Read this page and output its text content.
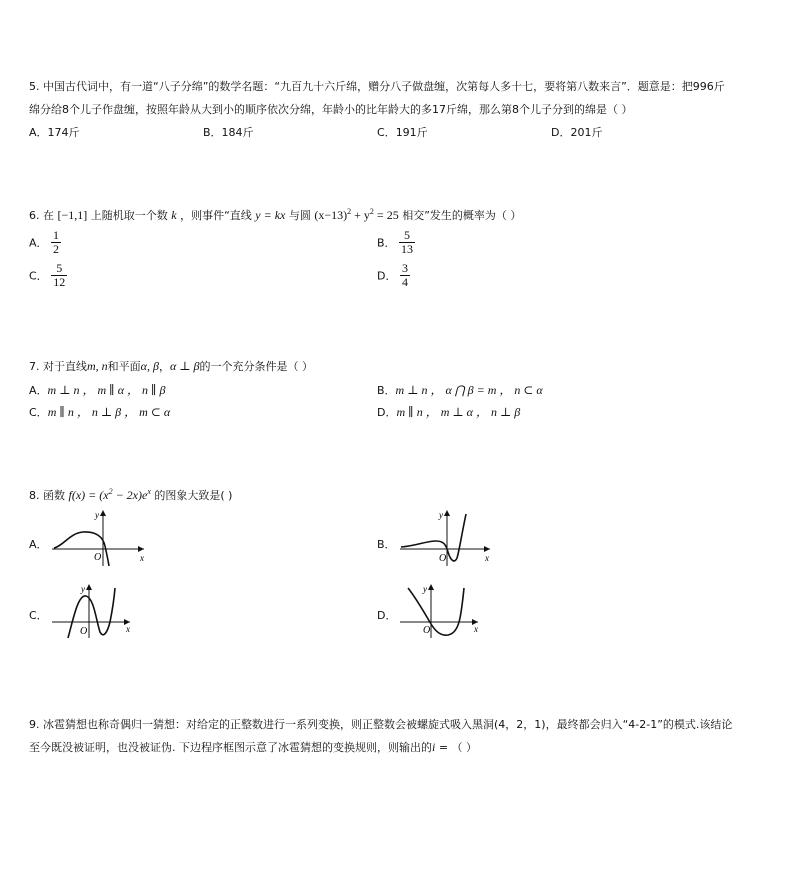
5. 中国古代词中，有一道“八子分绵”的数学名题：“九百九十六斤绵，赠分八子做盘缠，次第每人多十七，要将第八数来言”．题意是：把996斤
绵分给8个儿子作盘缠，按照年龄从大到小的顺序依次分绵，年龄小的比年龄大的多17斤绵，那么第8个儿子分到的绵是（ ）
A．174斤	B．184斤	C．191斤	D．201斤
6. 在 [−1,1] 上随机取一个数 k ，则事件“直线 y = kx 与圆 $(x-13)^2 + y^2 = 25$ 相交”发生的概率为（ ）
A． $\frac{1}{2}$	B． $\frac{5}{13}$
C． $\frac{5}{12}$	D． $\frac{3}{4}$
7. 对于直线m, n和平面α, β，α ⊥ β的一个充分条件是（ ）
A．m ⊥ n ， m ∥ α ， n ∥ β	B．m ⊥ n ， α ⋂ β = m ， n ⊂ α
C．m ∥ n ， n ⊥ β ， m ⊂ α	D．m ∥ n ， m ⊥ α ， n ⊥ β
8. 函数 $f(x) = (x^2 - 2x)e^x$ 的图象大致是( )
A．
x
y
O
B．
x
y
O
C．
x
y
O
D．
x
y
O
9. 冰雹猜想也称奇偶归一猜想：对给定的正整数进行一系列变换，则正整数会被螺旋式吸入黑洞(4，2，1)，最终都会归入“4-2-1”的模式.该结论
至今既没被证明，也没被证伪. 下边程序框图示意了冰雹猜想的变换规则，则输出的i = （ ）
